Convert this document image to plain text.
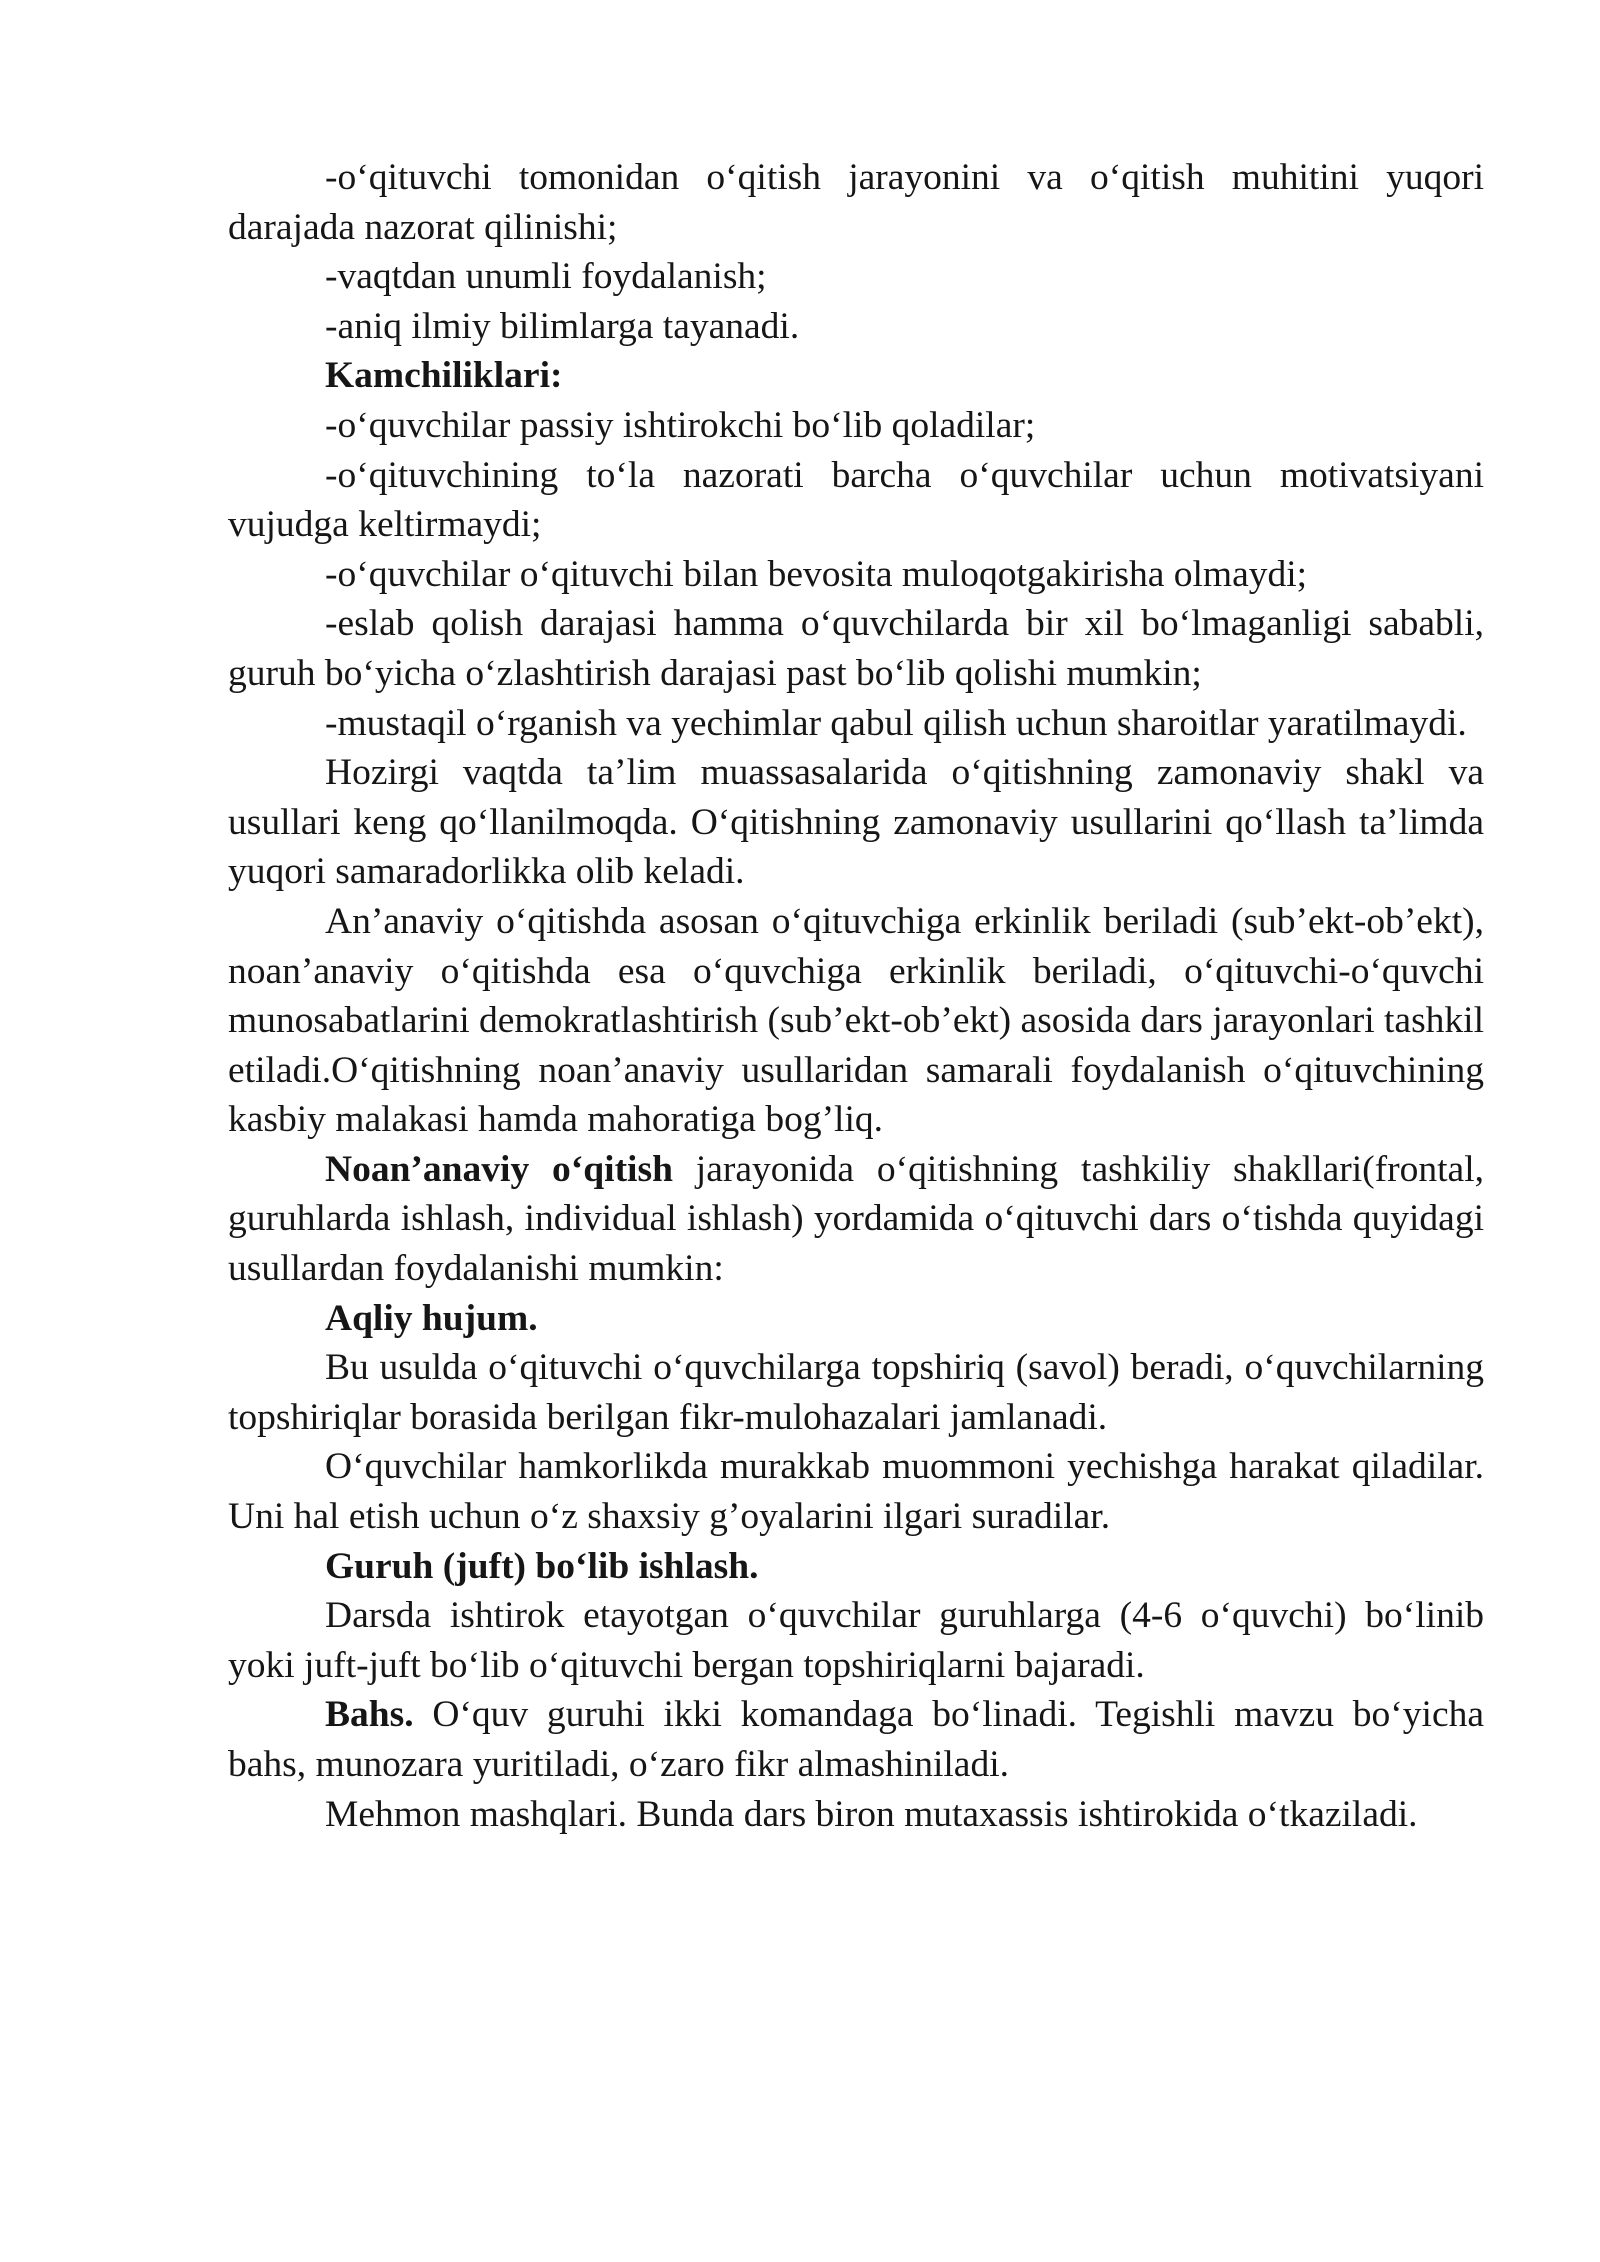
-o‘qituvchi tomonidan o‘qitish jarayonini va o‘qitish muhitini yuqori darajada nazorat qilinishi;

-vaqtdan unumli foydalanish;

-aniq ilmiy bilimlarga tayanadi.

Kamchiliklari:

-o‘quvchilar passiy ishtirokchi bo‘lib qoladilar;

-o‘qituvchining to‘la nazorati barcha o‘quvchilar uchun motivatsiyani vujudga keltirmaydi;

-o‘quvchilar o‘qituvchi bilan bevosita muloqotgakirisha olmaydi;

-eslab qolish darajasi hamma o‘quvchilarda bir xil bo‘lmaganligi sababli, guruh bo‘yicha o‘zlashtirish darajasi past bo‘lib qolishi mumkin;

-mustaqil o‘rganish va yechimlar qabul qilish uchun sharoitlar yaratilmaydi.

Hozirgi vaqtda ta’lim muassasalarida o‘qitishning zamonaviy shakl va usullari keng qo‘llanilmoqda. O‘qitishning zamonaviy usullarini qo‘llash ta’limda yuqori samaradorlikka olib keladi.

An’anaviy o‘qitishda asosan o‘qituvchiga erkinlik beriladi (sub’ekt-ob’ekt), noan’anaviy o‘qitishda esa o‘quvchiga erkinlik beriladi, o‘qituvchi-o‘quvchi munosabatlarini demokratlashtirish (sub’ekt-ob’ekt) asosida dars jarayonlari tashkil etiladi.O‘qitishning noan’anaviy usullaridan samarali foydalanish o‘qituvchining kasbiy malakasi hamda mahoratiga bog’liq.

Noan’anaviy o‘qitish jarayonida o‘qitishning tashkiliy shakllari(frontal, guruhlarda ishlash, individual ishlash) yordamida o‘qituvchi dars o‘tishda quyidagi usullardan foydalanishi mumkin:

Aqliy hujum.

Bu usulda o‘qituvchi o‘quvchilarga topshiriq (savol) beradi, o‘quvchilarning topshiriqlar borasida berilgan fikr-mulohazalari jamlanadi.

O‘quvchilar hamkorlikda murakkab muommoni yechishga harakat qiladilar. Uni hal etish uchun o‘z shaxsiy g’oyalarini ilgari suradilar.

Guruh (juft) bo‘lib ishlash.

Darsda ishtirok etayotgan o‘quvchilar guruhlarga (4-6 o‘quvchi) bo‘linib yoki juft-juft bo‘lib o‘qituvchi bergan topshiriqlarni bajaradi.

Bahs. O‘quv guruhi ikki komandaga bo‘linadi. Tegishli mavzu bo‘yicha bahs, munozara yuritiladi, o‘zaro fikr almashiniladi.

Mehmon mashqlari. Bunda dars biron mutaxassis ishtirokida o‘tkaziladi.
